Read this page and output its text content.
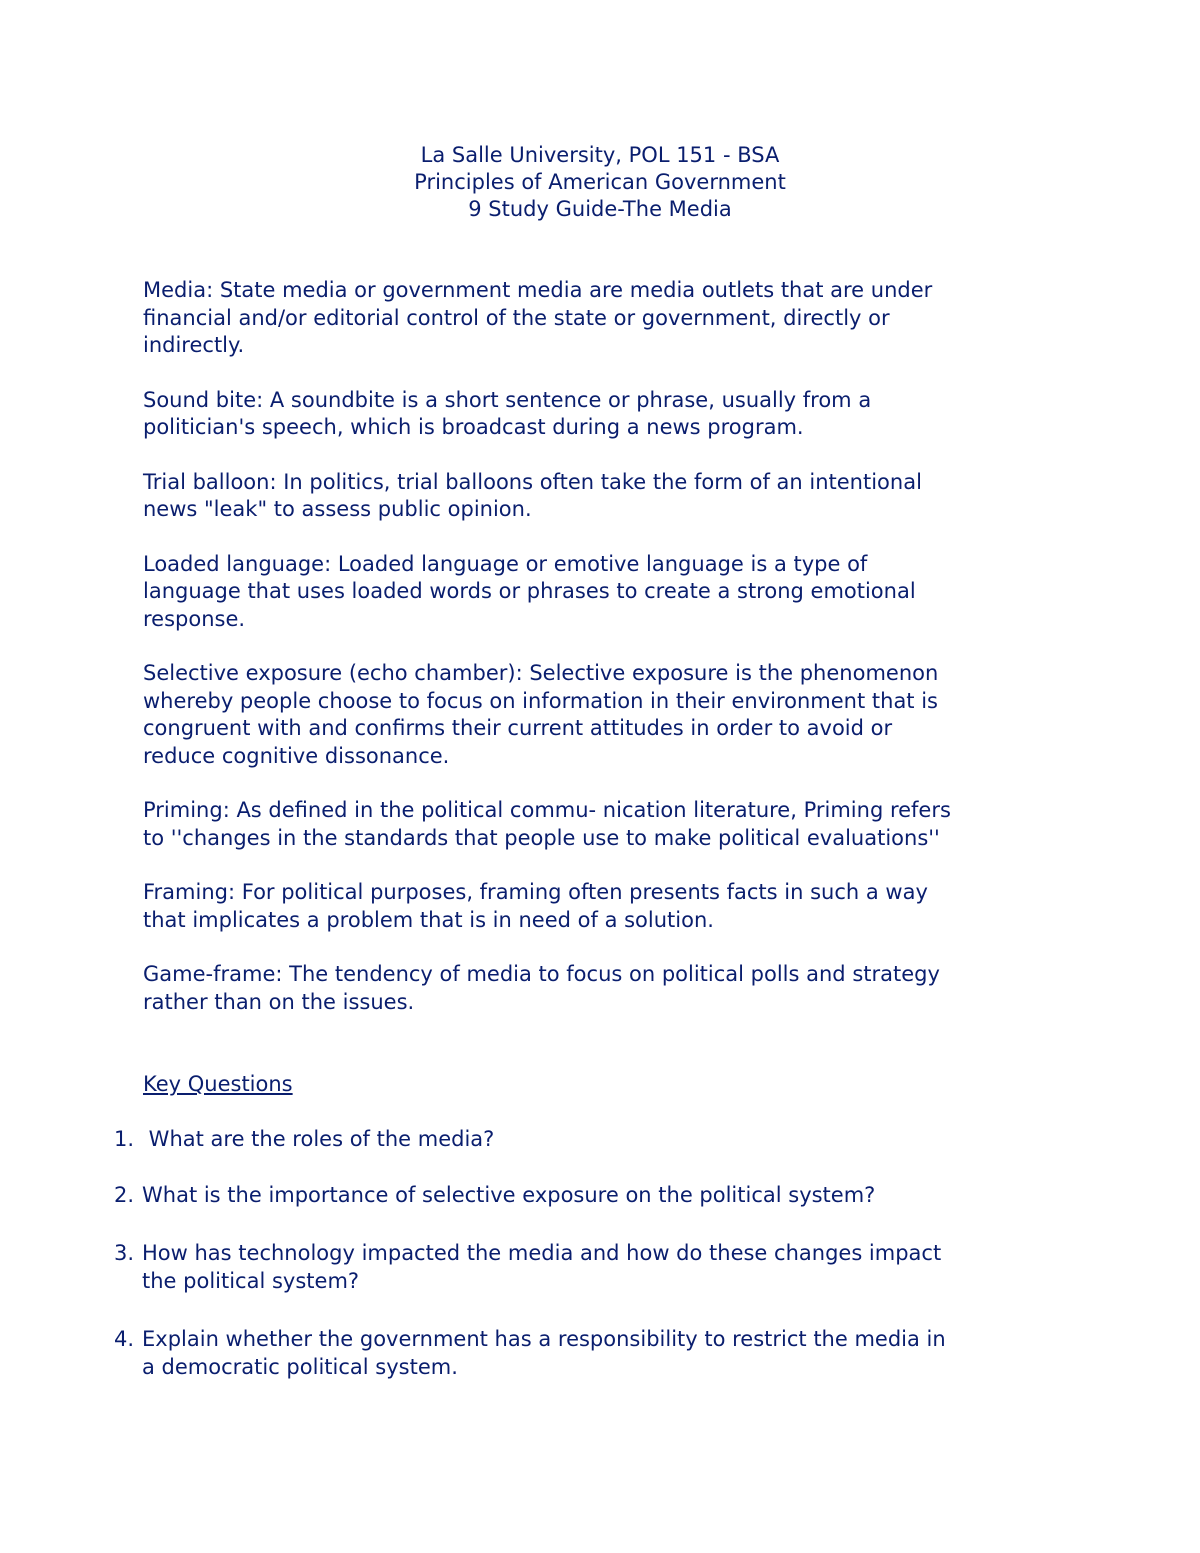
La Salle University, POL 151 - BSA
Principles of American Government
9 Study Guide-The Media
Media: State media or government media are media outlets that are under
financial and/or editorial control of the state or government, directly or
indirectly.
Sound bite: A soundbite is a short sentence or phrase, usually from a
politician's speech, which is broadcast during a news program.
Trial balloon: In politics, trial balloons often take the form of an intentional
news "leak" to assess public opinion.
Loaded language: Loaded language or emotive language is a type of
language that uses loaded words or phrases to create a strong emotional
response.
Selective exposure (echo chamber): Selective exposure is the phenomenon
whereby people choose to focus on information in their environment that is
congruent with and confirms their current attitudes in order to avoid or
reduce cognitive dissonance.
Priming: As defined in the political commu- nication literature, Priming refers
to ''changes in the standards that people use to make political evaluations''
Framing: For political purposes, framing often presents facts in such a way
that implicates a problem that is in need of a solution.
Game-frame: The tendency of media to focus on political polls and strategy
rather than on the issues.
Key Questions
1. What are the roles of the media?
2. What is the importance of selective exposure on the political system?
3. How has technology impacted the media and how do these changes impact
the political system?
4. Explain whether the government has a responsibility to restrict the media in
a democratic political system.
